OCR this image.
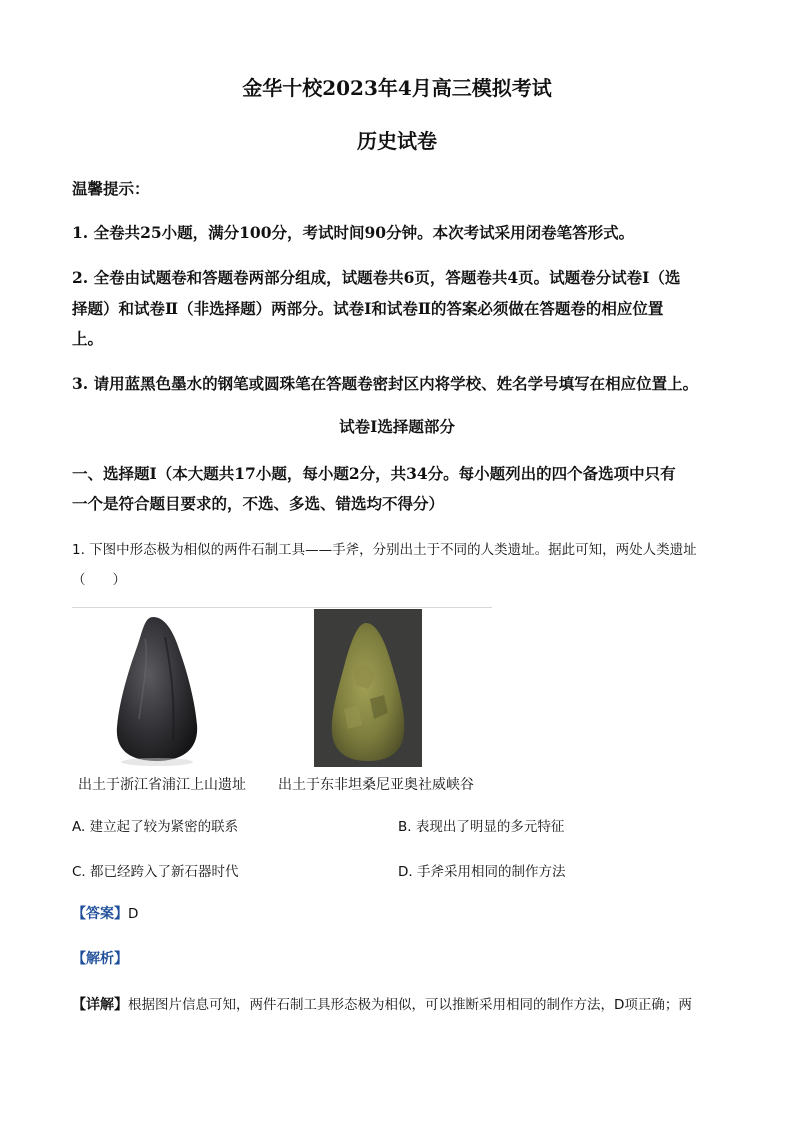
金华十校2023年4月高三模拟考试
历史试卷
温馨提示：
1. 全卷共25小题，满分100分，考试时间90分钟。本次考试采用闭卷笔答形式。
2. 全卷由试题卷和答题卷两部分组成，试题卷共6页，答题卷共4页。试题卷分试卷Ⅰ（选
择题）和试卷Ⅱ（非选择题）两部分。试卷Ⅰ和试卷Ⅱ的答案必须做在答题卷的相应位置
上。
3. 请用蓝黑色墨水的钢笔或圆珠笔在答题卷密封区内将学校、姓名学号填写在相应位置上。
试卷Ⅰ选择题部分
一、选择题Ⅰ（本大题共17小题，每小题2分，共34分。每小题列出的四个备选项中只有
一个是符合题目要求的，不选、多选、错选均不得分）
1. 下图中形态极为相似的两件石制工具——手斧，分别出土于不同的人类遗址。据此可知，两处人类遗址
（　　）
出土于浙江省浦江上山遗址 出土于东非坦桑尼亚奥社威峡谷
A. 建立起了较为紧密的联系	B. 表现出了明显的多元特征
C. 都已经跨入了新石器时代	D. 手斧采用相同的制作方法
【答案】D
【解析】
【详解】根据图片信息可知，两件石制工具形态极为相似，可以推断采用相同的制作方法，D项正确；两
